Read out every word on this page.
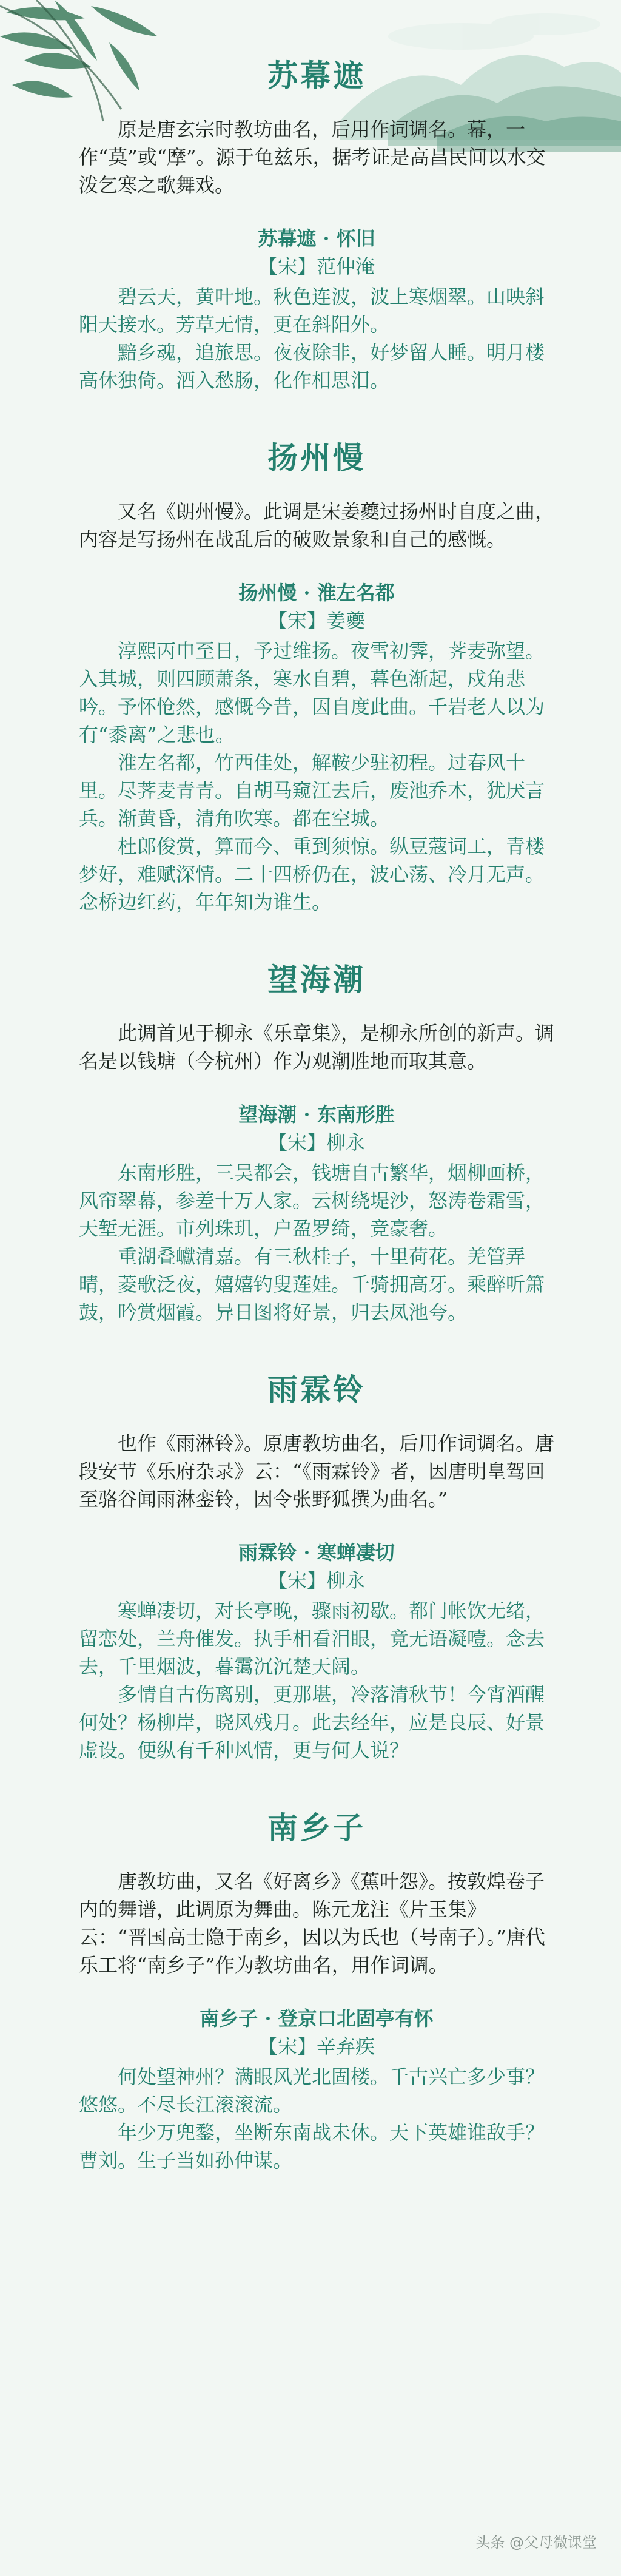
苏幕遮

原是唐玄宗时教坊曲名，后用作词调名。幕，一作“莫”或“摩”。源于龟兹乐，据考证是高昌民间以水交泼乞寒之歌舞戏。

苏幕遮 · 怀旧

【宋】范仲淹

碧云天，黄叶地。秋色连波，波上寒烟翠。山映斜阳天接水。芳草无情，更在斜阳外。

黯乡魂，追旅思。夜夜除非，好梦留人睡。明月楼高休独倚。酒入愁肠，化作相思泪。

扬州慢

又名《朗州慢》。此调是宋姜夔过扬州时自度之曲，内容是写扬州在战乱后的破败景象和自己的感慨。

扬州慢 · 淮左名都

【宋】姜夔

淳熙丙申至日，予过维扬。夜雪初霁，荠麦弥望。入其城，则四顾萧条，寒水自碧，暮色渐起，戍角悲吟。予怀怆然，感慨今昔，因自度此曲。千岩老人以为有“黍离”之悲也。

淮左名都，竹西佳处，解鞍少驻初程。过春风十里。尽荠麦青青。自胡马窥江去后，废池乔木，犹厌言兵。渐黄昏，清角吹寒。都在空城。

杜郎俊赏，算而今、重到须惊。纵豆蔻词工，青楼梦好，难赋深情。二十四桥仍在，波心荡、冷月无声。念桥边红药，年年知为谁生。

望海潮

此调首见于柳永《乐章集》，是柳永所创的新声。调名是以钱塘（今杭州）作为观潮胜地而取其意。

望海潮 · 东南形胜

【宋】柳永

东南形胜，三吴都会，钱塘自古繁华，烟柳画桥，风帘翠幕，参差十万人家。云树绕堤沙，怒涛卷霜雪，天堑无涯。市列珠玑，户盈罗绮，竞豪奢。

重湖叠巘清嘉。有三秋桂子，十里荷花。羌管弄晴，菱歌泛夜，嬉嬉钓叟莲娃。千骑拥高牙。乘醉听箫鼓，吟赏烟霞。异日图将好景，归去凤池夸。

雨霖铃

也作《雨淋铃》。原唐教坊曲名，后用作词调名。唐段安节《乐府杂录》云：“《雨霖铃》者，因唐明皇驾回至骆谷闻雨淋銮铃，因令张野狐撰为曲名。”

雨霖铃 · 寒蝉凄切

【宋】柳永

寒蝉凄切，对长亭晚，骤雨初歇。都门帐饮无绪，留恋处，兰舟催发。执手相看泪眼，竟无语凝噎。念去去，千里烟波，暮霭沉沉楚天阔。

多情自古伤离别，更那堪，冷落清秋节！今宵酒醒何处？杨柳岸，晓风残月。此去经年，应是良辰、好景虚设。便纵有千种风情，更与何人说？

南乡子

唐教坊曲，又名《好离乡》《蕉叶怨》。按敦煌卷子内的舞谱，此调原为舞曲。陈元龙注《片玉集》云：“晋国高士隐于南乡，因以为氏也（号南子）。”唐代乐工将“南乡子”作为教坊曲名，用作词调。

南乡子 · 登京口北固亭有怀

【宋】辛弃疾

何处望神州？满眼风光北固楼。千古兴亡多少事？悠悠。不尽长江滚滚流。

年少万兜鍪，坐断东南战未休。天下英雄谁敌手？曹刘。生子当如孙仲谋。

头条 @父母微课堂
